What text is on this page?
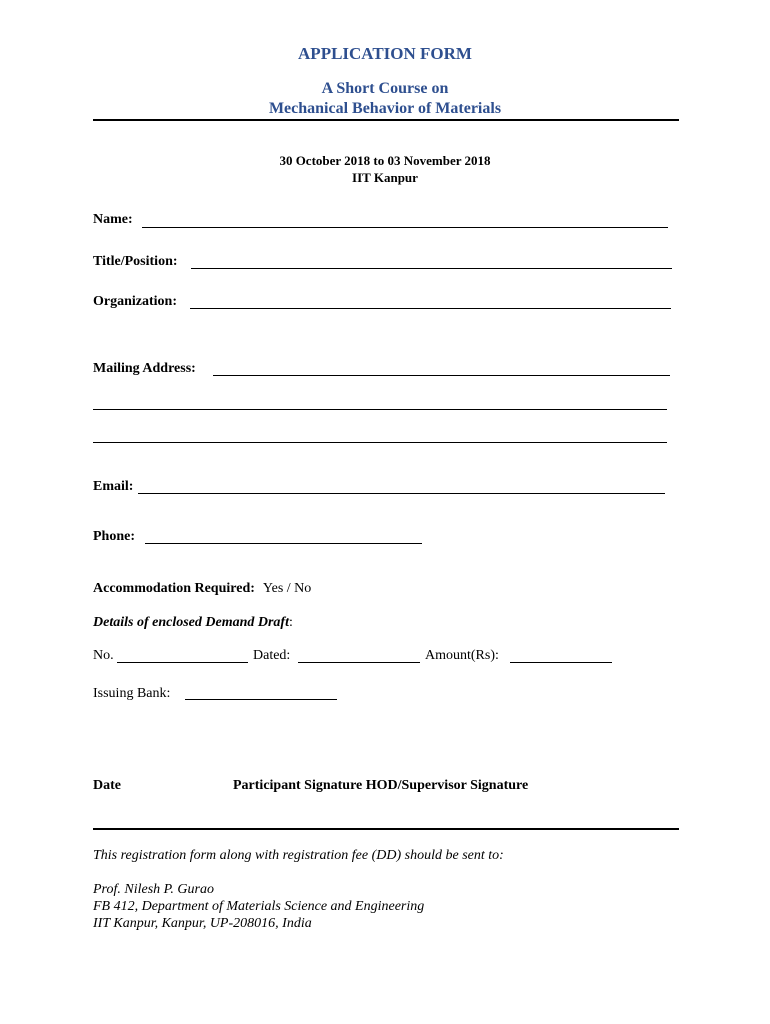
APPLICATION FORM
A Short Course on
Mechanical Behavior of Materials
30 October 2018 to 03 November 2018
IIT Kanpur
Name:
Title/Position:
Organization:
Mailing Address:
Email:
Phone:
Accommodation Required: Yes / No
Details of enclosed Demand Draft:
No.	Dated:	Amount(Rs):
Issuing Bank:
Date	Participant Signature HOD/Supervisor Signature
This registration form along with registration fee (DD) should be sent to:
Prof. Nilesh P. Gurao
FB 412, Department of Materials Science and Engineering
IIT Kanpur, Kanpur, UP-208016, India
